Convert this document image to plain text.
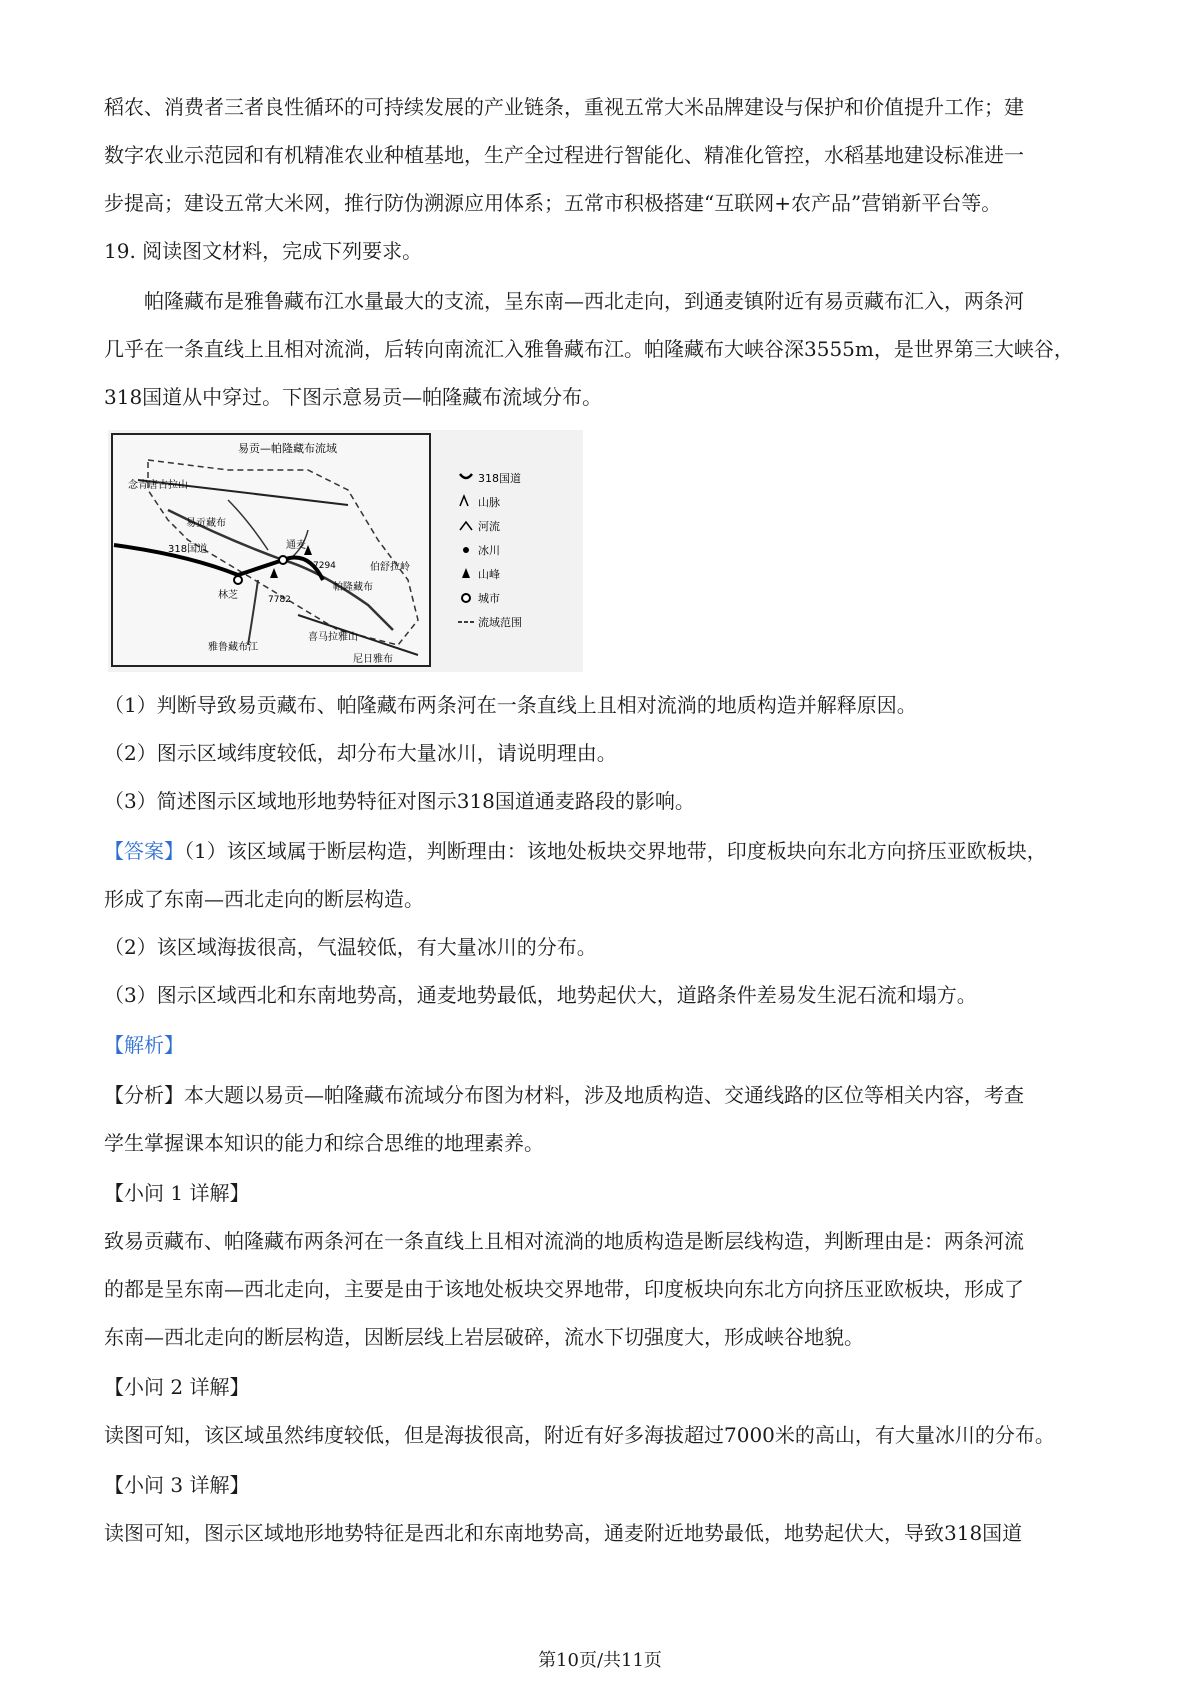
稻农、消费者三者良性循环的可持续发展的产业链条，重视五常大米品牌建设与保护和价值提升工作；建
数字农业示范园和有机精准农业种植基地，生产全过程进行智能化、精准化管控，水稻基地建设标准进一
步提高；建设五常大米网，推行防伪溯源应用体系；五常市积极搭建“互联网+农产品”营销新平台等。
19. 阅读图文材料，完成下列要求。
帕隆藏布是雅鲁藏布江水量最大的支流，呈东南—西北走向，到通麦镇附近有易贡藏布汇入，两条河
几乎在一条直线上且相对流淌，后转向南流汇入雅鲁藏布江。帕隆藏布大峡谷深3555m，是世界第三大峡谷，
318国道从中穿过。下图示意易贡—帕隆藏布流域分布。
易贡—帕隆藏布流域
念青唐古拉山
易贡藏布
318国道	通麦
7294
帕隆藏布
伯舒拉岭
林芝	7782
雅鲁藏布江
喜马拉雅山
尼日雅布
318国道
山脉
河流
冰川
山峰
城市
流域范围
（1）判断导致易贡藏布、帕隆藏布两条河在一条直线上且相对流淌的地质构造并解释原因。
（2）图示区域纬度较低，却分布大量冰川，请说明理由。
（3）简述图示区域地形地势特征对图示318国道通麦路段的影响。
【答案】（1）该区域属于断层构造，判断理由：该地处板块交界地带，印度板块向东北方向挤压亚欧板块，
形成了东南—西北走向的断层构造。
（2）该区域海拔很高，气温较低，有大量冰川的分布。
（3）图示区域西北和东南地势高，通麦地势最低，地势起伏大，道路条件差易发生泥石流和塌方。
【解析】
【分析】本大题以易贡—帕隆藏布流域分布图为材料，涉及地质构造、交通线路的区位等相关内容，考查
学生掌握课本知识的能力和综合思维的地理素养。
【小问 1 详解】
致易贡藏布、帕隆藏布两条河在一条直线上且相对流淌的地质构造是断层线构造，判断理由是：两条河流
的都是呈东南—西北走向，主要是由于该地处板块交界地带，印度板块向东北方向挤压亚欧板块，形成了
东南—西北走向的断层构造，因断层线上岩层破碎，流水下切强度大，形成峡谷地貌。
【小问 2 详解】
读图可知，该区域虽然纬度较低，但是海拔很高，附近有好多海拔超过7000米的高山，有大量冰川的分布。
【小问 3 详解】
读图可知，图示区域地形地势特征是西北和东南地势高，通麦附近地势最低，地势起伏大，导致318国道
第10页/共11页
